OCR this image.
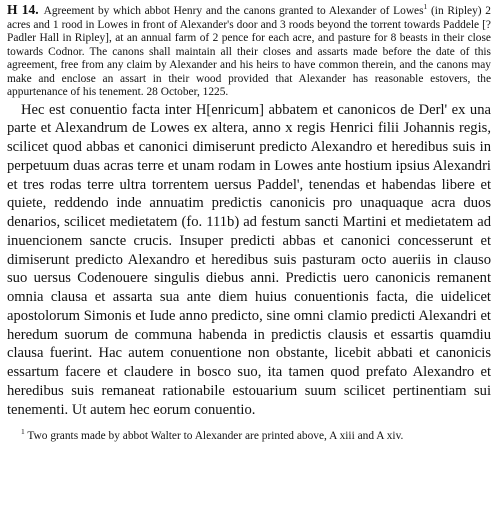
H 14. Agreement by which abbot Henry and the canons granted to Alexander of Lowes$^1$ (in Ripley) 2 acres and 1 rood in Lowes in front of Alexander's door and 3 roods beyond the torrent towards Paddele [? Padler Hall in Ripley], at an annual farm of 2 pence for each acre, and pasture for 8 beasts in their close towards Codnor. The canons shall maintain all their closes and assarts made before the date of this agreement, free from any claim by Alexander and his heirs to have common therein, and the canons may make and enclose an assart in their wood provided that Alexander has reasonable estovers, the appurtenance of his tenement. 28 October, 1225.

Hec est conuentio facta inter H[enricum] abbatem et canonicos de Derl' ex una parte et Alexandrum de Lowes ex altera, anno x regis Henrici filii Johannis regis, scilicet quod abbas et canonici dimiserunt predicto Alexandro et heredibus suis in perpetuum duas acras terre et unam rodam in Lowes ante hostium ipsius Alexandri et tres rodas terre ultra torrentem uersus Paddel', tenendas et habendas libere et quiete, reddendo inde annuatim predictis canonicis pro unaquaque acra duos denarios, scilicet medietatem (fo. 111b) ad festum sancti Martini et medietatem ad inuencionem sancte crucis. Insuper predicti abbas et canonici concesserunt et dimiserunt predicto Alexandro et heredibus suis pasturam octo aueriis in clauso suo uersus Codenouere singulis diebus anni. Predictis uero canonicis remanent omnia clausa et assarta sua ante diem huius conuentionis facta, die uidelicet apostolorum Simonis et Iude anno predicto, sine omni clamio predicti Alexandri et heredum suorum de communa habenda in predictis clausis et essartis quamdiu clausa fuerint. Hac autem conuentione non obstante, licebit abbati et canonicis essartum facere et claudere in bosco suo, ita tamen quod prefato Alexandro et heredibus suis remaneat rationabile estouarium suum scilicet pertinentiam sui tenementi. Ut autem hec eorum conuentio.

$^1$ Two grants made by abbot Walter to Alexander are printed above, A xiii and A xiv.
